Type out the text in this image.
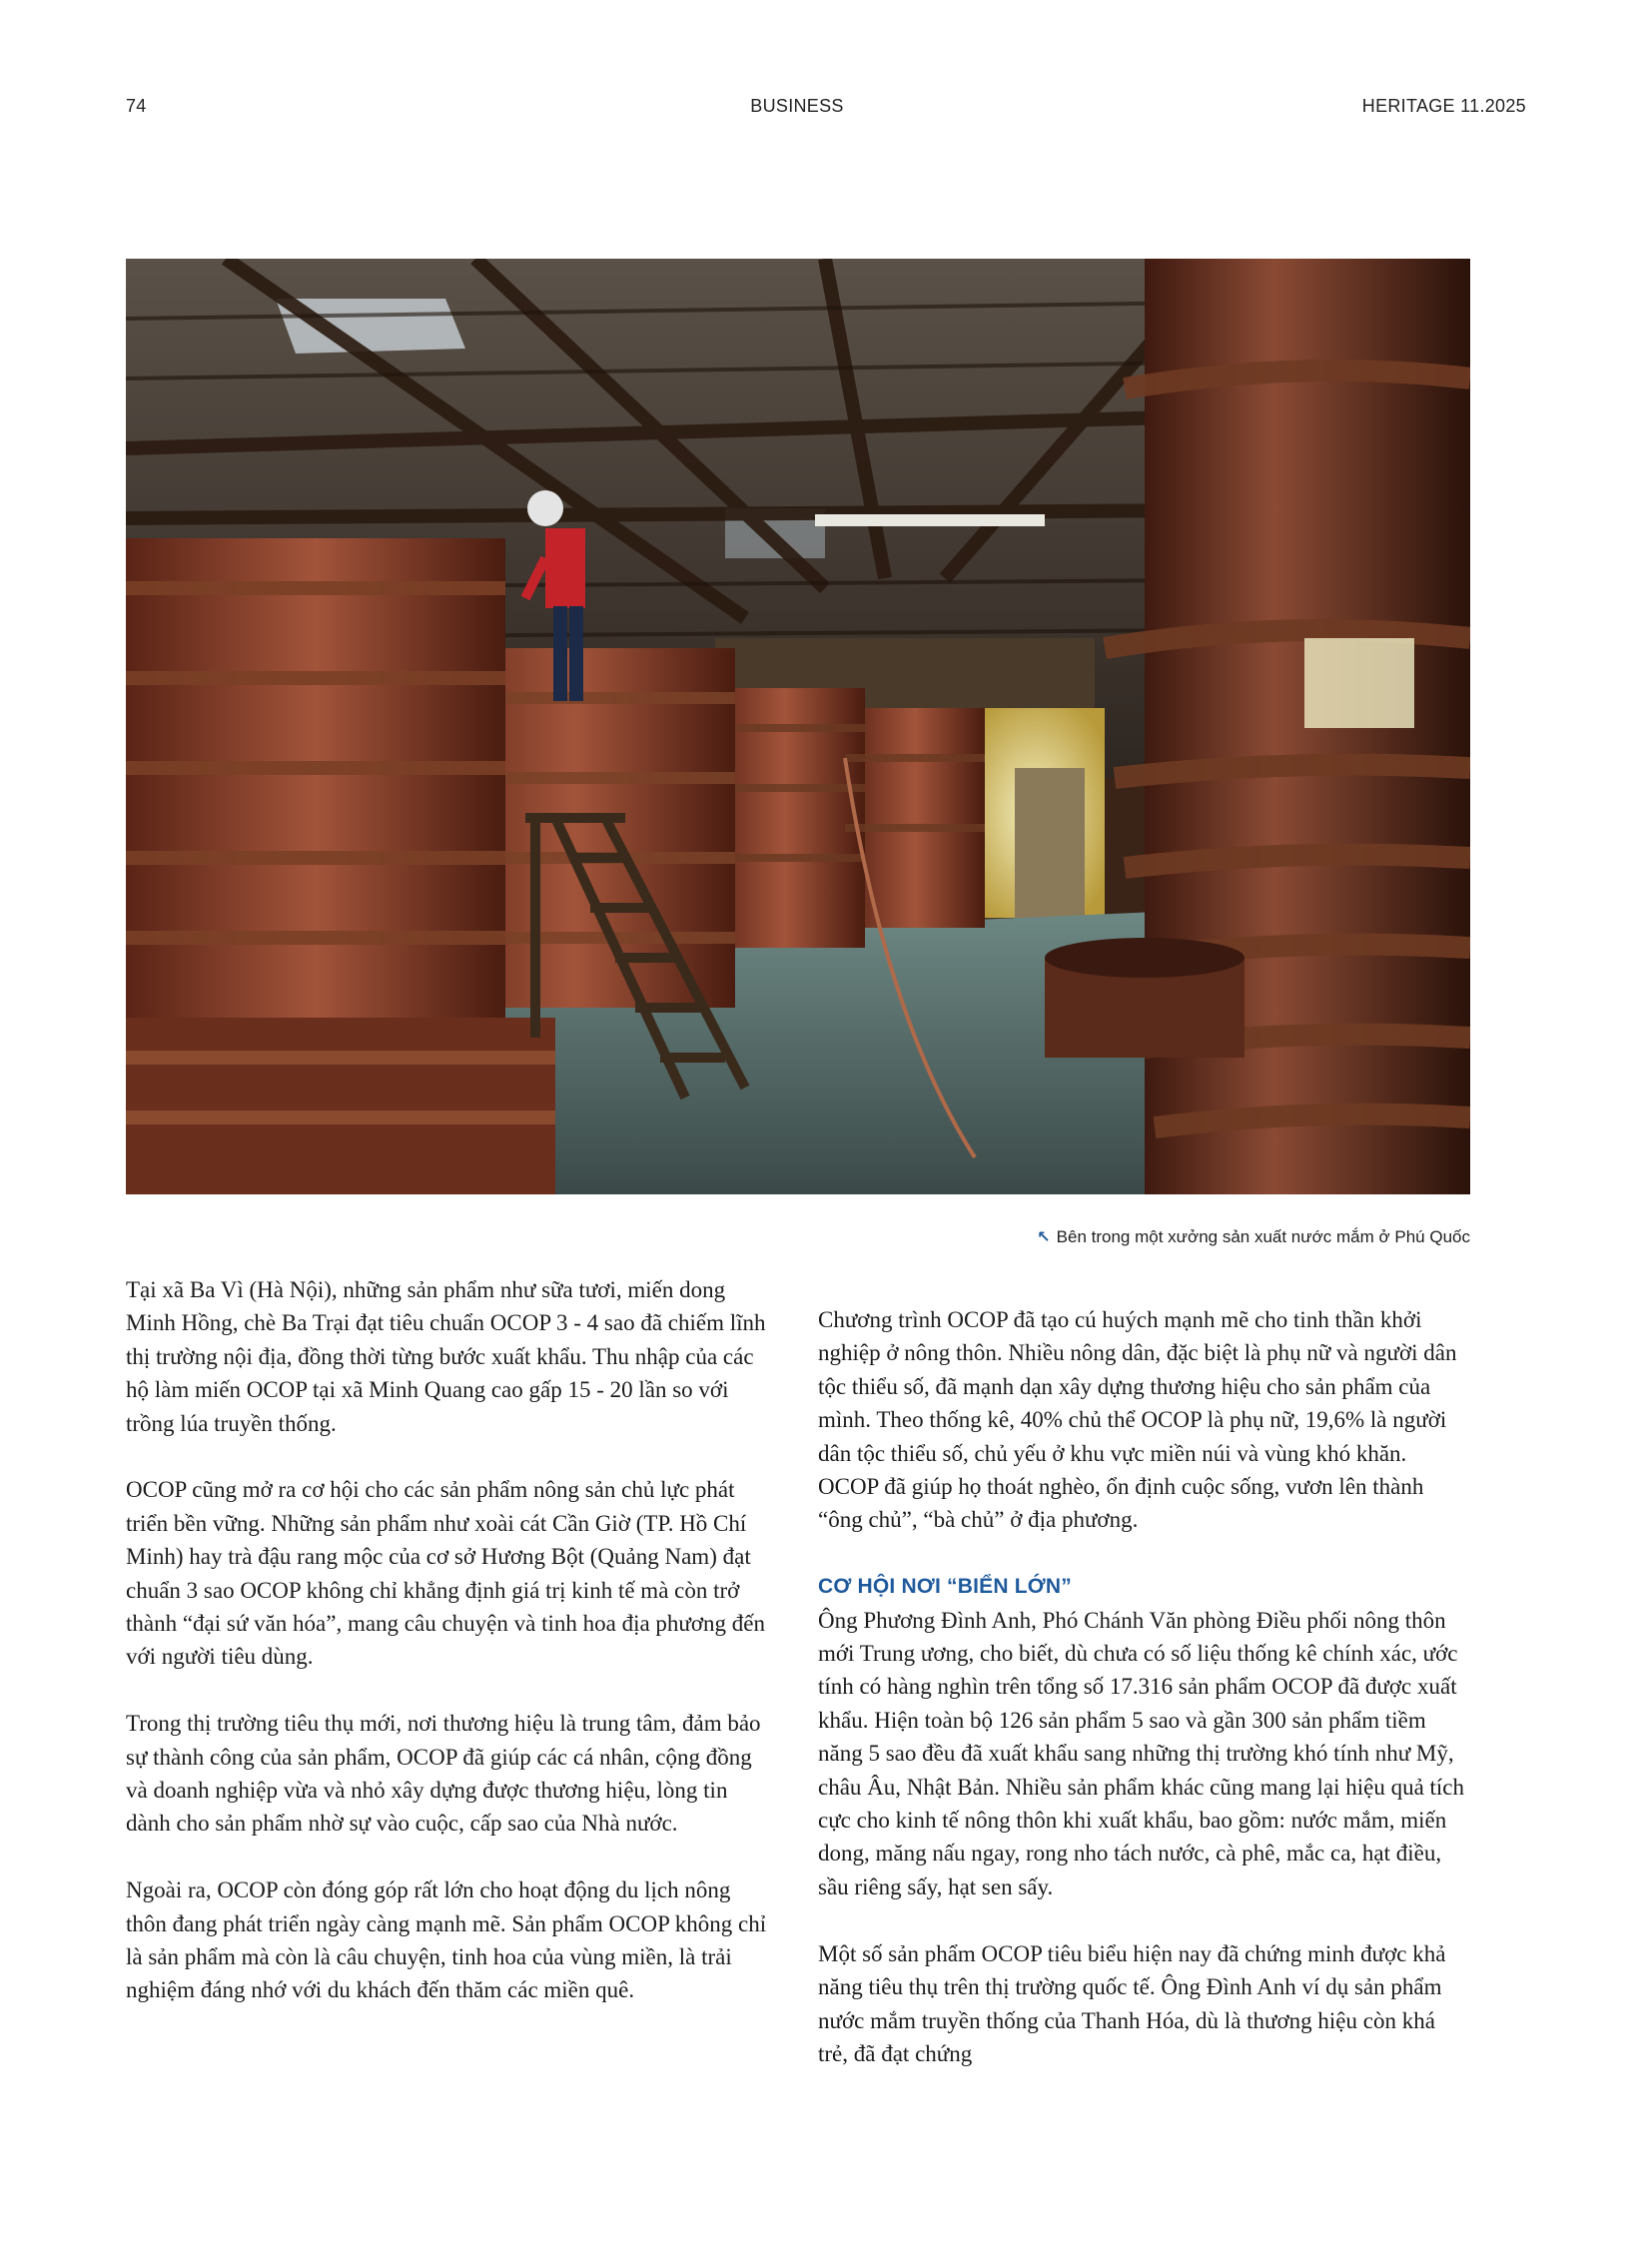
74	BUSINESS	HERITAGE 11.2025
↖ Bên trong một xưởng sản xuất nước mắm ở Phú Quốc

Tại xã Ba Vì (Hà Nội), những sản phẩm như sữa tươi, miến dong Minh Hồng, chè Ba Trại đạt tiêu chuẩn OCOP 3 - 4 sao đã chiếm lĩnh thị trường nội địa, đồng thời từng bước xuất khẩu. Thu nhập của các hộ làm miến OCOP tại xã Minh Quang cao gấp 15 - 20 lần so với trồng lúa truyền thống.

OCOP cũng mở ra cơ hội cho các sản phẩm nông sản chủ lực phát triển bền vững. Những sản phẩm như xoài cát Cần Giờ (TP. Hồ Chí Minh) hay trà đậu rang mộc của cơ sở Hương Bột (Quảng Nam) đạt chuẩn 3 sao OCOP không chỉ khẳng định giá trị kinh tế mà còn trở thành “đại sứ văn hóa”, mang câu chuyện và tinh hoa địa phương đến với người tiêu dùng.

Trong thị trường tiêu thụ mới, nơi thương hiệu là trung tâm, đảm bảo sự thành công của sản phẩm, OCOP đã giúp các cá nhân, cộng đồng và doanh nghiệp vừa và nhỏ xây dựng được thương hiệu, lòng tin dành cho sản phẩm nhờ sự vào cuộc, cấp sao của Nhà nước.

Ngoài ra, OCOP còn đóng góp rất lớn cho hoạt động du lịch nông thôn đang phát triển ngày càng mạnh mẽ. Sản phẩm OCOP không chỉ là sản phẩm mà còn là câu chuyện, tinh hoa của vùng miền, là trải nghiệm đáng nhớ với du khách đến thăm các miền quê.

Chương trình OCOP đã tạo cú huých mạnh mẽ cho tinh thần khởi nghiệp ở nông thôn. Nhiều nông dân, đặc biệt là phụ nữ và người dân tộc thiểu số, đã mạnh dạn xây dựng thương hiệu cho sản phẩm của mình. Theo thống kê, 40% chủ thể OCOP là phụ nữ, 19,6% là người dân tộc thiểu số, chủ yếu ở khu vực miền núi và vùng khó khăn. OCOP đã giúp họ thoát nghèo, ổn định cuộc sống, vươn lên thành “ông chủ”, “bà chủ” ở địa phương.

CƠ HỘI NƠI “BIỂN LỚN”

Ông Phương Đình Anh, Phó Chánh Văn phòng Điều phối nông thôn mới Trung ương, cho biết, dù chưa có số liệu thống kê chính xác, ước tính có hàng nghìn trên tổng số 17.316 sản phẩm OCOP đã được xuất khẩu. Hiện toàn bộ 126 sản phẩm 5 sao và gần 300 sản phẩm tiềm năng 5 sao đều đã xuất khẩu sang những thị trường khó tính như Mỹ, châu Âu, Nhật Bản. Nhiều sản phẩm khác cũng mang lại hiệu quả tích cực cho kinh tế nông thôn khi xuất khẩu, bao gồm: nước mắm, miến dong, măng nấu ngay, rong nho tách nước, cà phê, mắc ca, hạt điều, sầu riêng sấy, hạt sen sấy.

Một số sản phẩm OCOP tiêu biểu hiện nay đã chứng minh được khả năng tiêu thụ trên thị trường quốc tế. Ông Đình Anh ví dụ sản phẩm nước mắm truyền thống của Thanh Hóa, dù là thương hiệu còn khá trẻ, đã đạt chứng
